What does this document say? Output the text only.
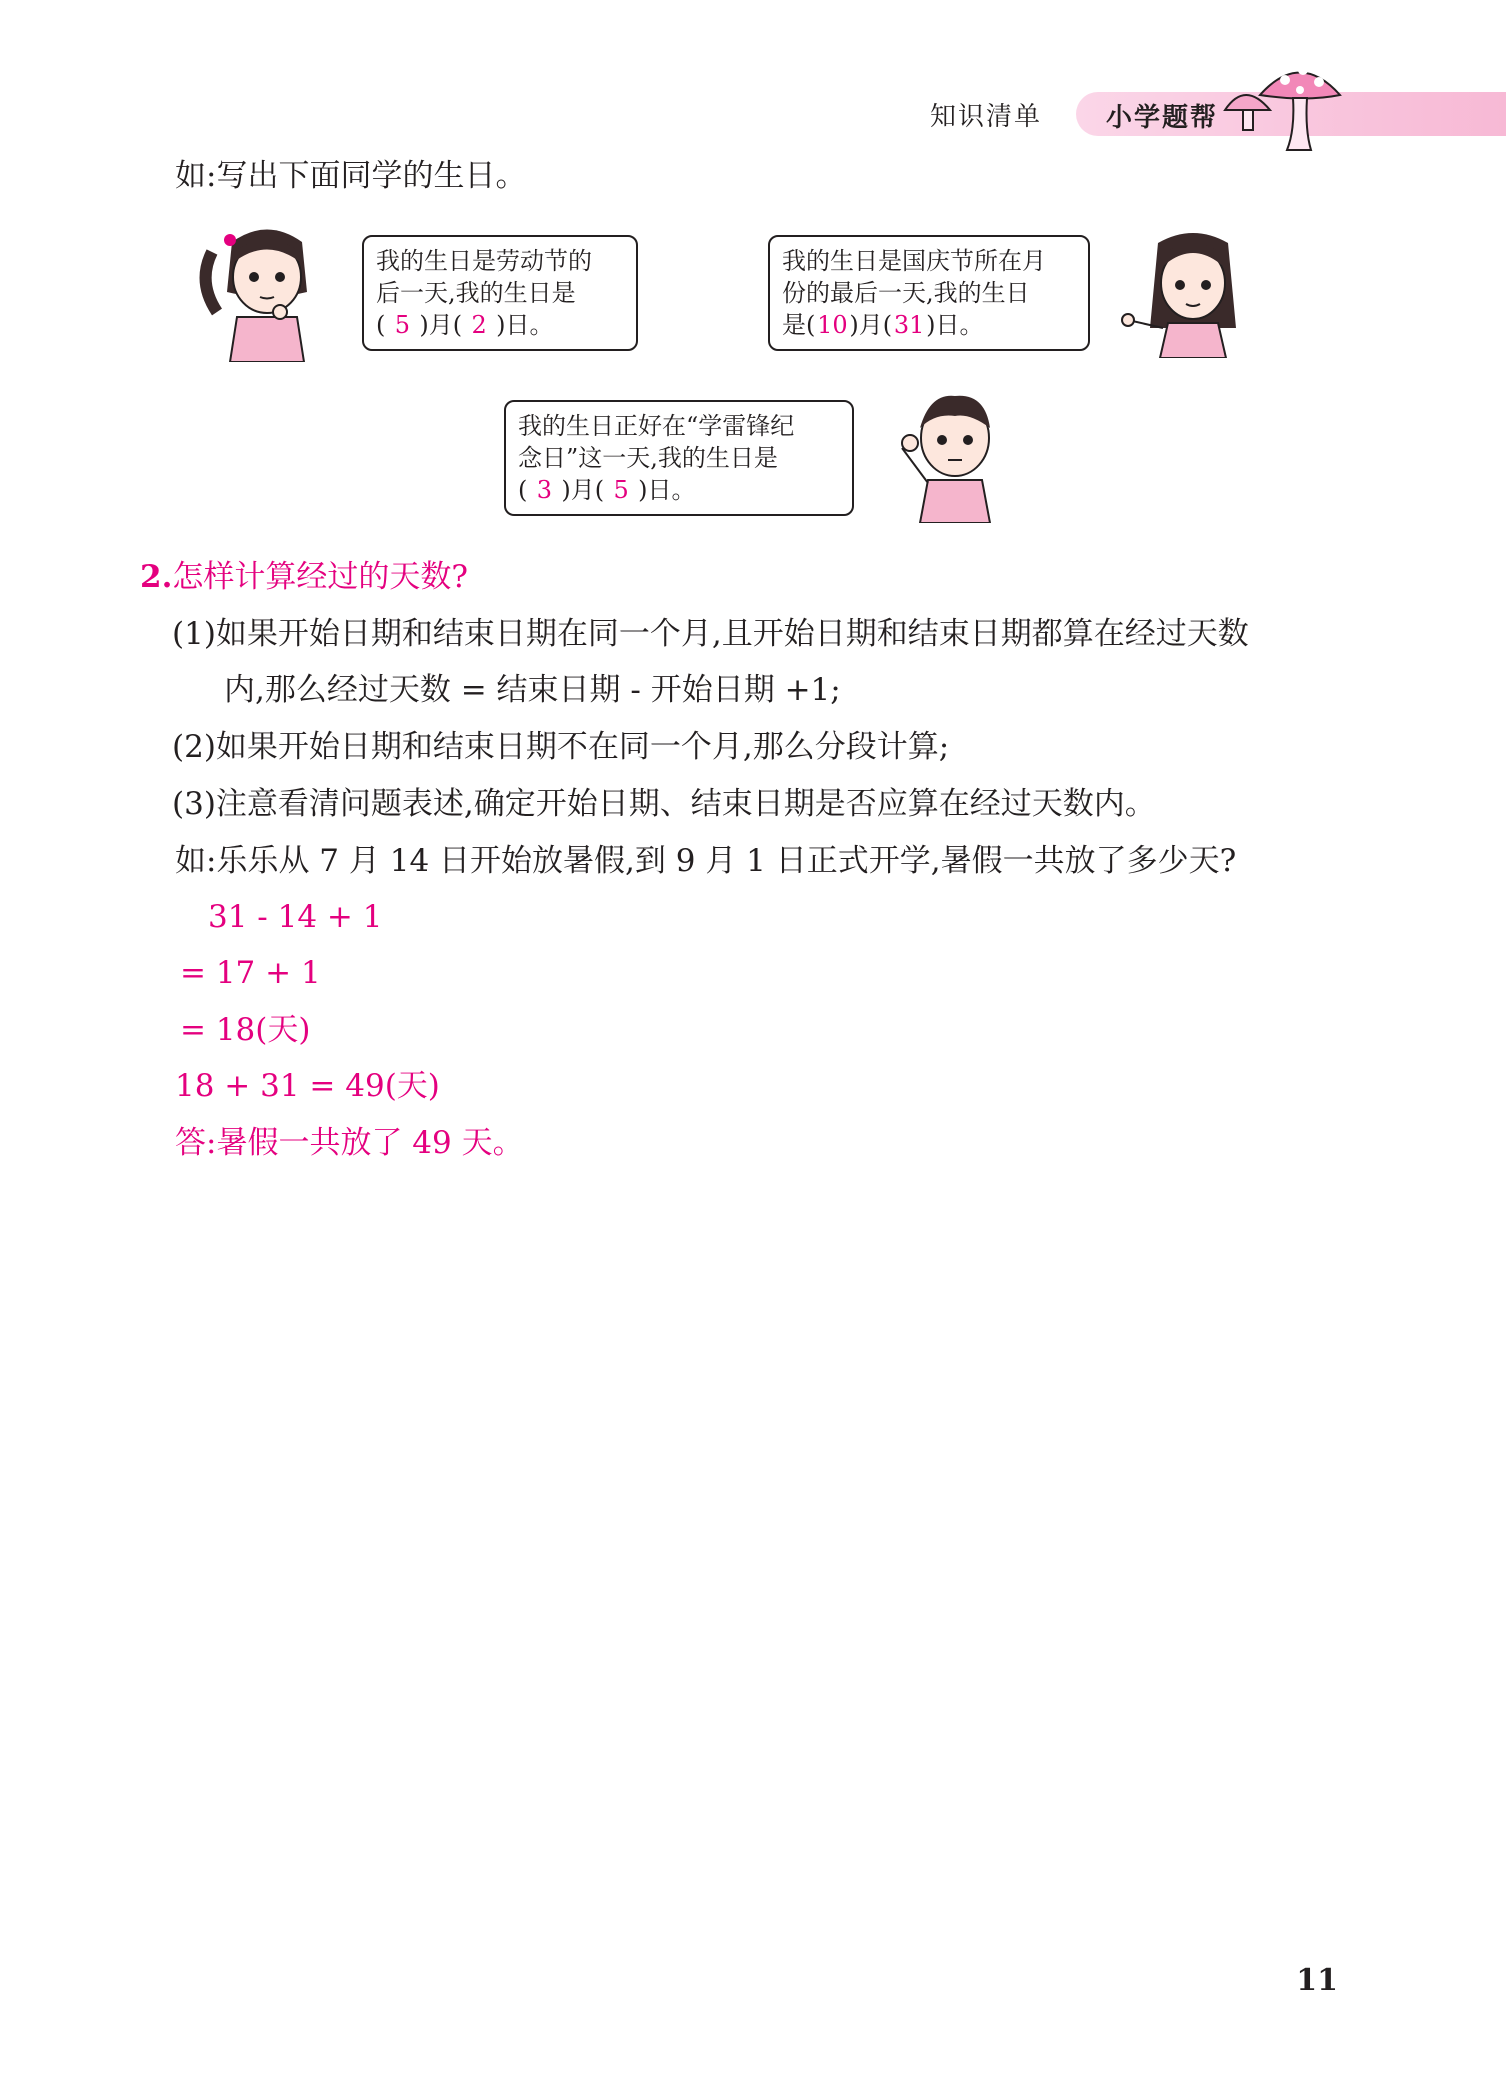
知识清单 小学题帮
如:写出下面同学的生日。
我的生日是劳动节的
后一天,我的生日是
( 5 )月( 2 )日。
我的生日是国庆节所在月
份的最后一天,我的生日
是(10)月(31)日。
我的生日正好在“学雷锋纪
念日”这一天,我的生日是
( 3 )月( 5 )日。
2.怎样计算经过的天数?
(1)如果开始日期和结束日期在同一个月,且开始日期和结束日期都算在经过天数
内,那么经过天数 = 结束日期 - 开始日期 +1;
(2)如果开始日期和结束日期不在同一个月,那么分段计算;
(3)注意看清问题表述,确定开始日期、结束日期是否应算在经过天数内。
如:乐乐从 7 月 14 日开始放暑假,到 9 月 1 日正式开学,暑假一共放了多少天?
31 - 14 + 1
= 17 + 1
= 18(天)
18 + 31 = 49(天)
答:暑假一共放了 49 天。
11
